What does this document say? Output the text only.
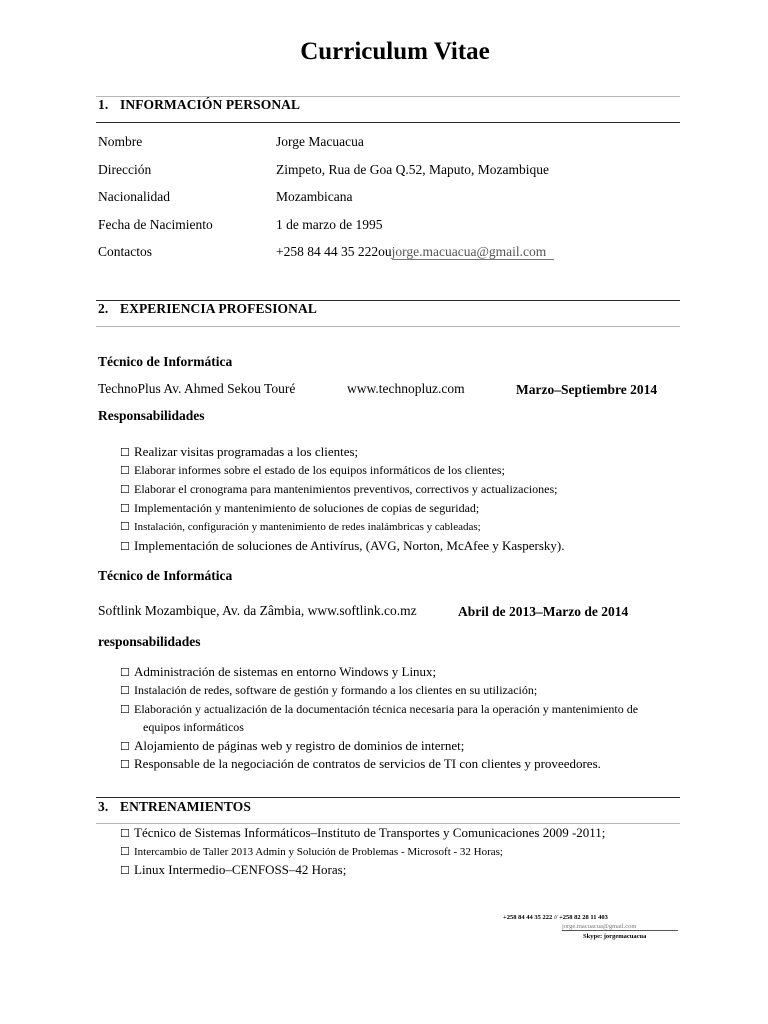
Curriculum Vitae
1. INFORMACIÓN PERSONAL
Nombre	Jorge Macuacua
Dirección	Zimpeto, Rua de Goa Q.52, Maputo, Mozambique
Nacionalidad	Mozambicana
Fecha de Nacimiento	1 de marzo de 1995
Contactos	+258 84 44 35 222oujorge.macuacua@gmail.com
2. EXPERIENCIA PROFESIONAL
Técnico de Informática
TechnoPlus Av. Ahmed Sekou Touré	www.technopluz.com	Marzo–Septiembre 2014
Responsabilidades
☐ Realizar visitas programadas a los clientes;
☐ Elaborar informes sobre el estado de los equipos informáticos de los clientes;
☐ Elaborar el cronograma para mantenimientos preventivos, correctivos y actualizaciones;
☐ Implementación y mantenimiento de soluciones de copias de seguridad;
☐ Instalación, configuración y mantenimiento de redes inalámbricas y cableadas;
☐ Implementación de soluciones de Antivírus, (AVG, Norton, McAfee y Kaspersky).
Técnico de Informática
Softlink Mozambique, Av. da Zâmbia, www.softlink.co.mz	Abril de 2013–Marzo de 2014
responsabilidades
☐ Administración de sistemas en entorno Windows y Linux;
☐ Instalación de redes, software de gestión y formando a los clientes en su utilización;
☐ Elaboración y actualización de la documentación técnica necesaria para la operación y mantenimiento de
equipos informáticos
☐ Alojamiento de páginas web y registro de dominios de internet;
☐ Responsable de la negociación de contratos de servicios de TI con clientes y proveedores.
3. ENTRENAMIENTOS
☐ Técnico de Sistemas Informáticos–Instituto de Transportes y Comunicaciones 2009 -2011;
☐ Intercambio de Taller 2013 Admin y Solución de Problemas - Microsoft - 32 Horas;
☐ Linux Intermedio–CENFOSS–42 Horas;
+258 84 44 35 222 // +258 82 28 11 403
jorge.macuacua@gmail.com
Skype: jorgemacuacua
